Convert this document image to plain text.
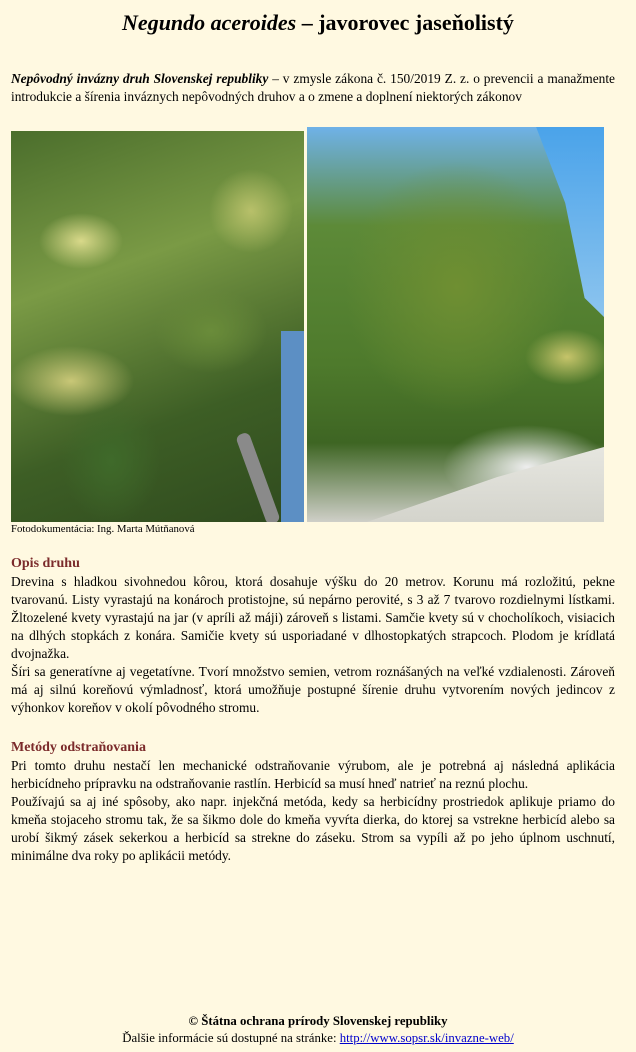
Negundo aceroides – javorovec jaseňolistý
Nepôvodný invázny druh Slovenskej republiky – v zmysle zákona č. 150/2019 Z. z. o prevencii a manažmente introdukcie a šírenia inváznych nepôvodných druhov a o zmene a doplnení niektorých zákonov
Fotodokumentácia: Ing. Marta Mútňanová
Opis druhu

Drevina s hladkou sivohnedou kôrou, ktorá dosahuje výšku do 20 metrov. Korunu má rozložitú, pekne tvarovanú. Listy vyrastajú na konároch protistojne, sú nepárno perovité, s 3 až 7 tvarovo rozdielnymi lístkami. Žltozelené kvety vyrastajú na jar (v apríli až máji) zároveň s listami. Samčie kvety sú v chocholíkoch, visiacich na dlhých stopkách z konára. Samičie kvety sú usporiadané v dlhostopkatých strapcoch. Plodom je krídlatá dvojnažka.

Šíri sa generatívne aj vegetatívne. Tvorí množstvo semien, vetrom roznášaných na veľké vzdialenosti. Zároveň má aj silnú koreňovú výmladnosť, ktorá umožňuje postupné šírenie druhu vytvorením nových jedincov z výhonkov koreňov v okolí pôvodného stromu.

Metódy odstraňovania

Pri tomto druhu nestačí len mechanické odstraňovanie výrubom, ale je potrebná aj následná aplikácia herbicídneho prípravku na odstraňovanie rastlín. Herbicíd sa musí hneď natrieť na reznú plochu.

Používajú sa aj iné spôsoby, ako napr. injekčná metóda, kedy sa herbicídny prostriedok aplikuje priamo do kmeňa stojaceho stromu tak, že sa šikmo dole do kmeňa vyvŕta dierka, do ktorej sa vstrekne herbicíd alebo sa urobí šikmý zásek sekerkou a herbicíd sa strekne do záseku. Strom sa vypíli až po jeho úplnom uschnutí, minimálne dva roky po aplikácii metódy.

© Štátna ochrana prírody Slovenskej republiky
Ďalšie informácie sú dostupné na stránke: http://www.sopsr.sk/invazne-web/
